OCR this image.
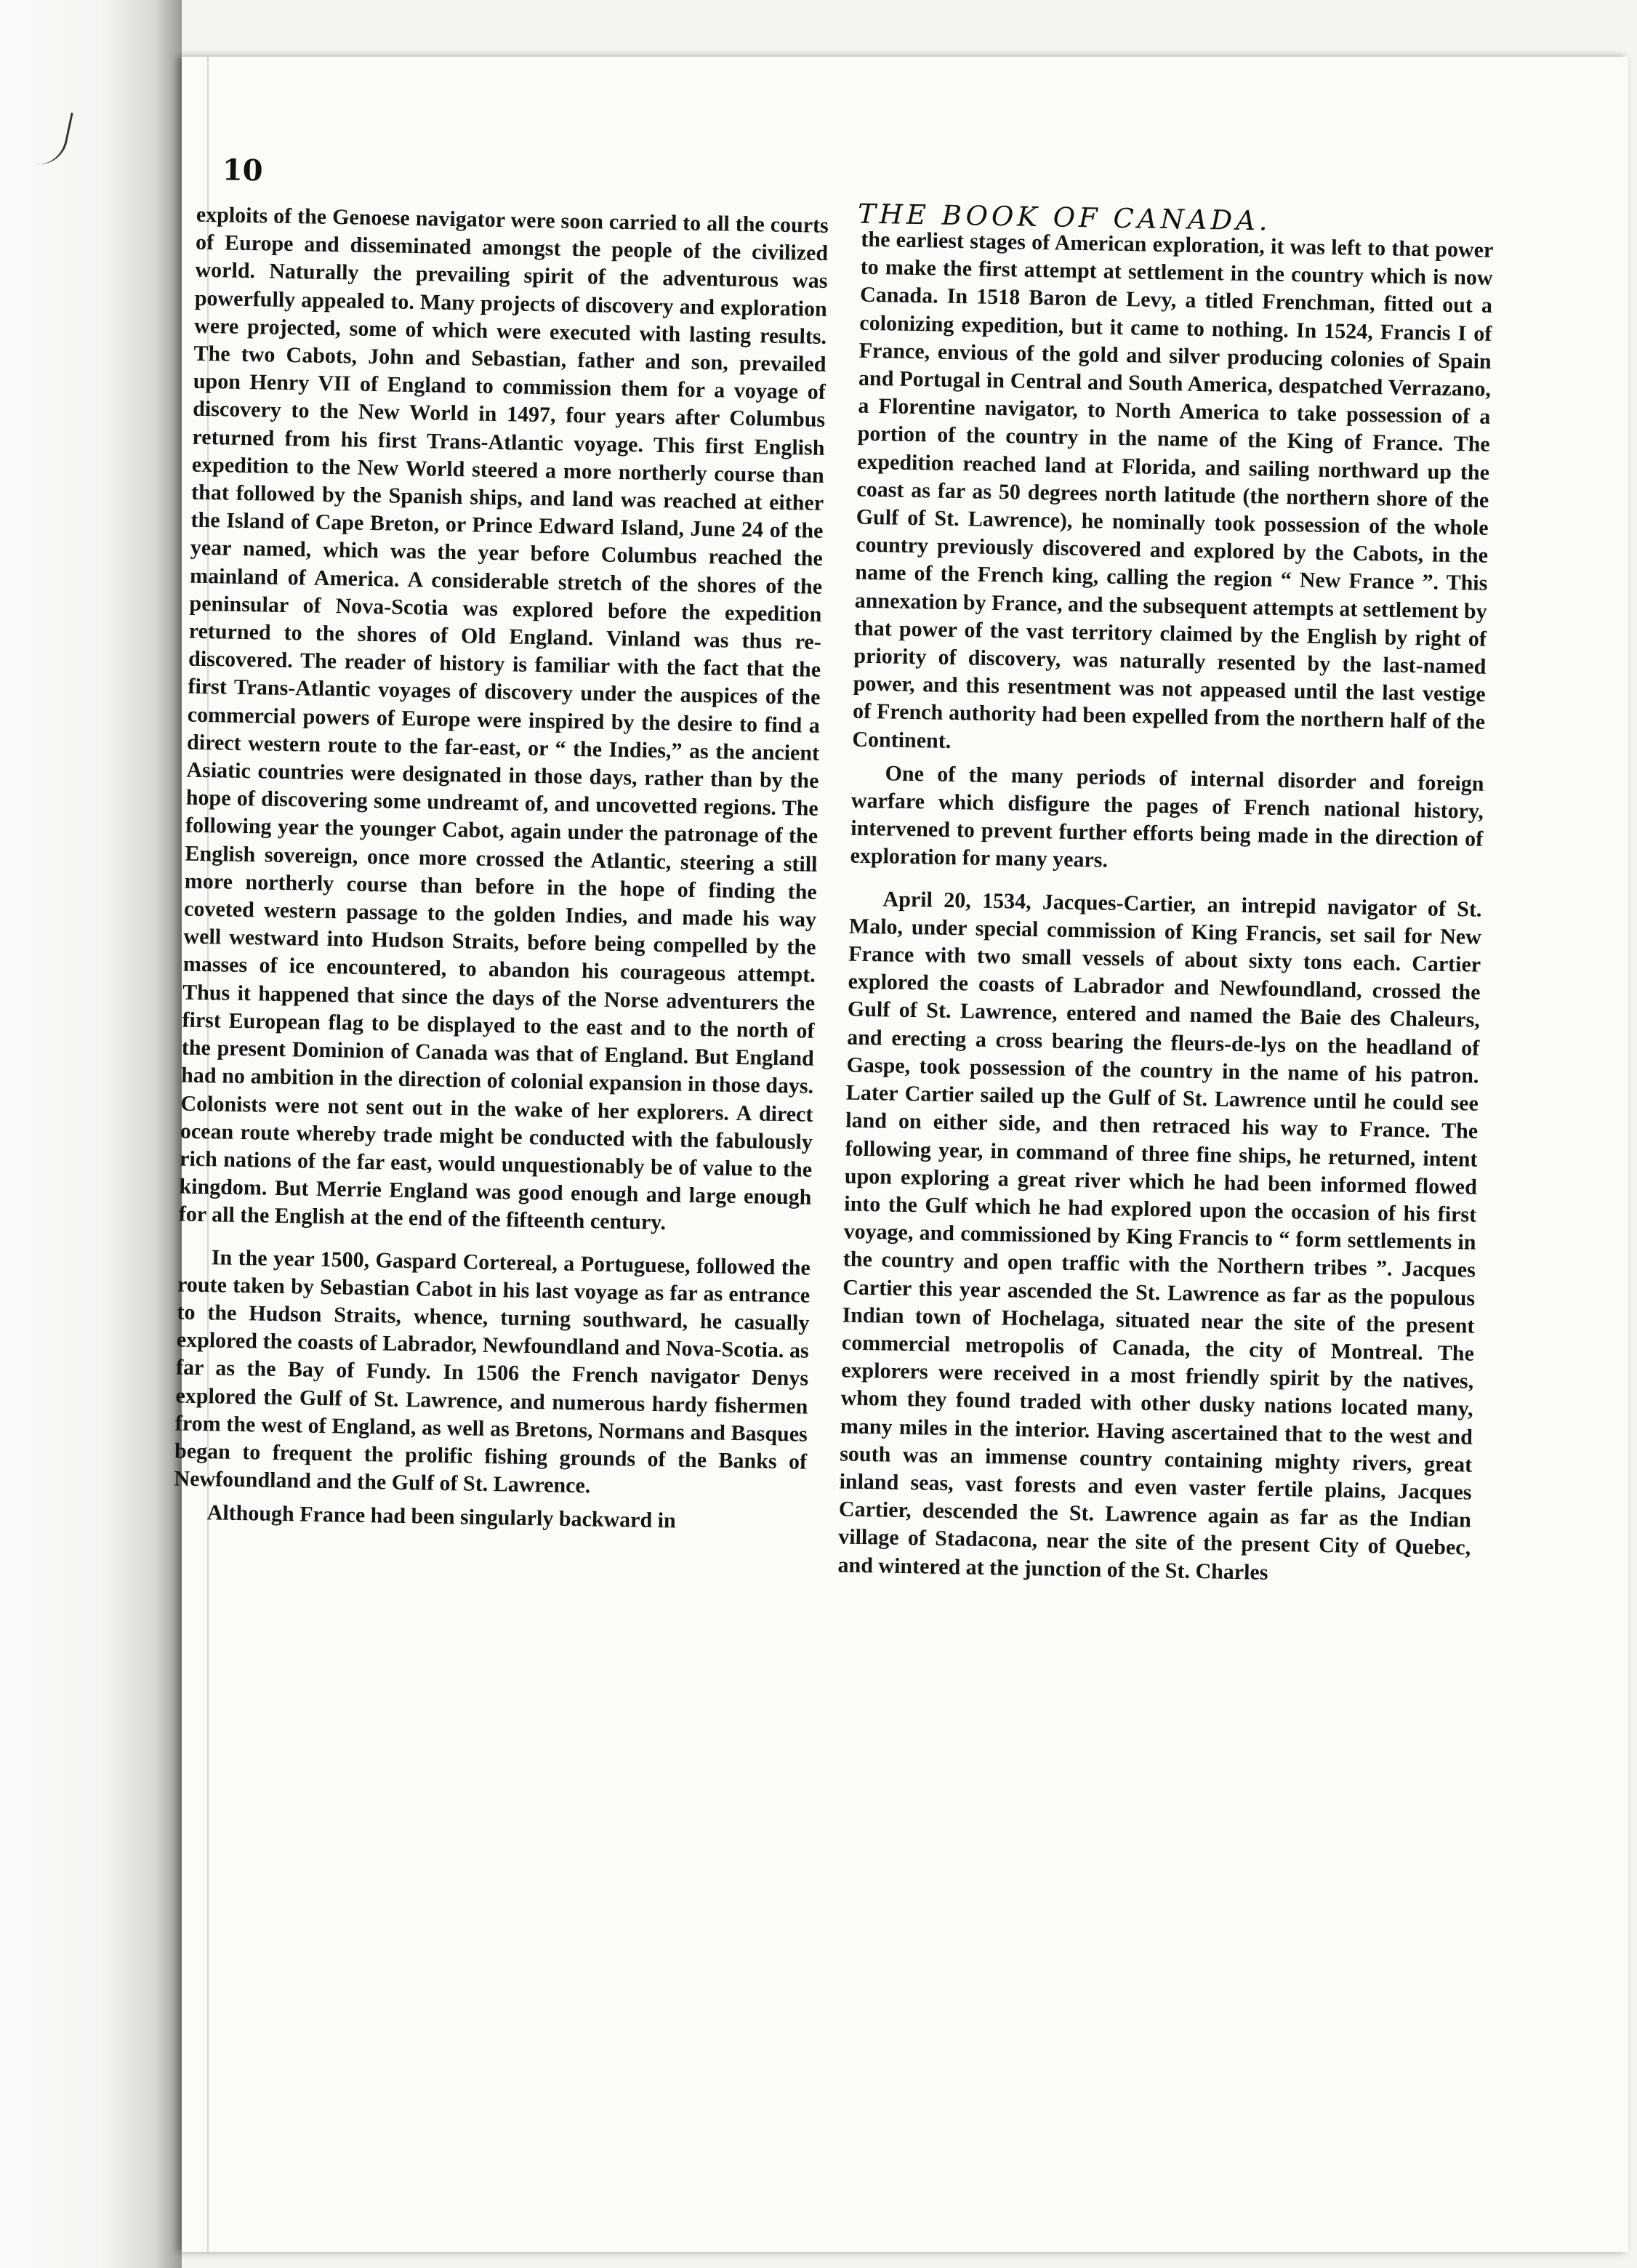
10
THE BOOK OF CANADA.

exploits of the Genoese navigator were soon carried to all the courts of Europe and disseminated amongst the people of the civilized world. Naturally the prevailing spirit of the adventurous was powerfully appealed to. Many projects of discovery and exploration were projected, some of which were executed with lasting results. The two Cabots, John and Sebastian, father and son, prevailed upon Henry VII of England to commission them for a voyage of discovery to the New World in 1497, four years after Columbus returned from his first Trans-Atlantic voyage. This first English expedition to the New World steered a more northerly course than that followed by the Spanish ships, and land was reached at either the Island of Cape Breton, or Prince Edward Island, June 24 of the year named, which was the year before Columbus reached the mainland of America. A considerable stretch of the shores of the peninsular of Nova-Scotia was explored before the expedition returned to the shores of Old England. Vinland was thus re-discovered. The reader of history is familiar with the fact that the first Trans-Atlantic voyages of discovery under the auspices of the commercial powers of Europe were inspired by the desire to find a direct western route to the far-east, or “ the Indies,” as the ancient Asiatic countries were designated in those days, rather than by the hope of discovering some undreamt of, and uncovetted regions. The following year the younger Cabot, again under the patronage of the English sovereign, once more crossed the Atlantic, steering a still more northerly course than before in the hope of finding the coveted western passage to the golden Indies, and made his way well westward into Hudson Straits, before being compelled by the masses of ice encountered, to abandon his courageous attempt. Thus it happened that since the days of the Norse adventurers the first European flag to be displayed to the east and to the north of the present Dominion of Canada was that of England. But England had no ambition in the direction of colonial expansion in those days. Colonists were not sent out in the wake of her explorers. A direct ocean route whereby trade might be conducted with the fabulously rich nations of the far east, would unquestionably be of value to the kingdom. But Merrie England was good enough and large enough for all the English at the end of the fifteenth century.

In the year 1500, Gaspard Cortereal, a Portuguese, followed the route taken by Sebastian Cabot in his last voyage as far as entrance to the Hudson Straits, whence, turning southward, he casually explored the coasts of Labrador, Newfoundland and Nova-Scotia. as far as the Bay of Fundy. In 1506 the French navigator Denys explored the Gulf of St. Lawrence, and numerous hardy fishermen from the west of England, as well as Bretons, Normans and Basques began to frequent the prolific fishing grounds of the Banks of Newfoundland and the Gulf of St. Lawrence.

Although France had been singularly backward in

the earliest stages of American exploration, it was left to that power to make the first attempt at settlement in the country which is now Canada. In 1518 Baron de Levy, a titled Frenchman, fitted out a colonizing expedition, but it came to nothing. In 1524, Francis I of France, envious of the gold and silver producing colonies of Spain and Portugal in Central and South America, despatched Verrazano, a Florentine navigator, to North America to take possession of a portion of the country in the name of the King of France. The expedition reached land at Florida, and sailing northward up the coast as far as 50 degrees north latitude (the northern shore of the Gulf of St. Lawrence), he nominally took possession of the whole country previously discovered and explored by the Cabots, in the name of the French king, calling the region “ New France ”. This annexation by France, and the subsequent attempts at settlement by that power of the vast territory claimed by the English by right of priority of discovery, was naturally resented by the last-named power, and this resentment was not appeased until the last vestige of French authority had been expelled from the northern half of the Continent.

One of the many periods of internal disorder and foreign warfare which disfigure the pages of French national history, intervened to prevent further efforts being made in the direction of exploration for many years.

April 20, 1534, Jacques-Cartier, an intrepid navigator of St. Malo, under special commission of King Francis, set sail for New France with two small vessels of about sixty tons each. Cartier explored the coasts of Labrador and Newfoundland, crossed the Gulf of St. Lawrence, entered and named the Baie des Chaleurs, and erecting a cross bearing the fleurs-de-lys on the headland of Gaspe, took possession of the country in the name of his patron. Later Cartier sailed up the Gulf of St. Lawrence until he could see land on either side, and then retraced his way to France. The following year, in command of three fine ships, he returned, intent upon exploring a great river which he had been informed flowed into the Gulf which he had explored upon the occasion of his first voyage, and commissioned by King Francis to “ form settlements in the country and open traffic with the Northern tribes ”. Jacques Cartier this year ascended the St. Lawrence as far as the populous Indian town of Hochelaga, situated near the site of the present commercial metropolis of Canada, the city of Montreal. The explorers were received in a most friendly spirit by the natives, whom they found traded with other dusky nations located many, many miles in the interior. Having ascertained that to the west and south was an immense country containing mighty rivers, great inland seas, vast forests and even vaster fertile plains, Jacques Cartier, descended the St. Lawrence again as far as the Indian village of Stadacona, near the site of the present City of Quebec, and wintered at the junction of the St. Charles
